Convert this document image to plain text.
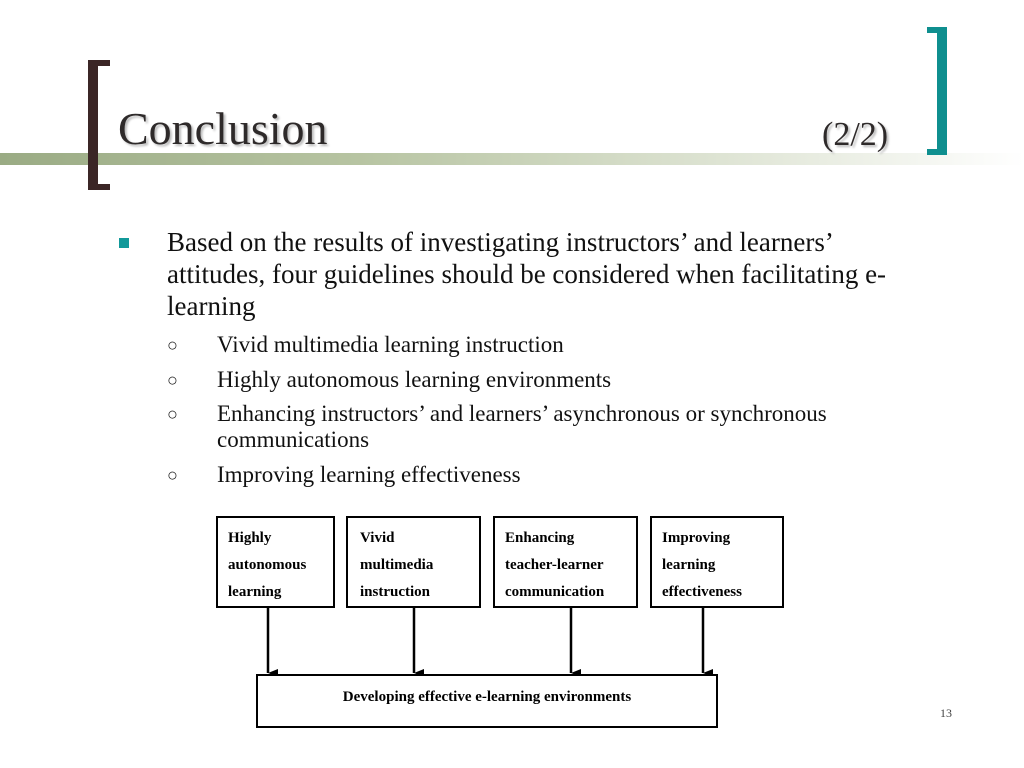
Conclusion	(2/2)
Based on the results of investigating instructors’ and learners’ attitudes, four guidelines should be considered when facilitating e-learning
○ Vivid multimedia learning instruction
○ Highly autonomous learning environments
○ Enhancing instructors’ and learners’ asynchronous or synchronous communications
○ Improving learning effectiveness
Highly
autonomous
learning
Vivid
multimedia
instruction
Enhancing
teacher-learner
communication
Improving
learning
effectiveness
Developing effective e-learning environments
13
